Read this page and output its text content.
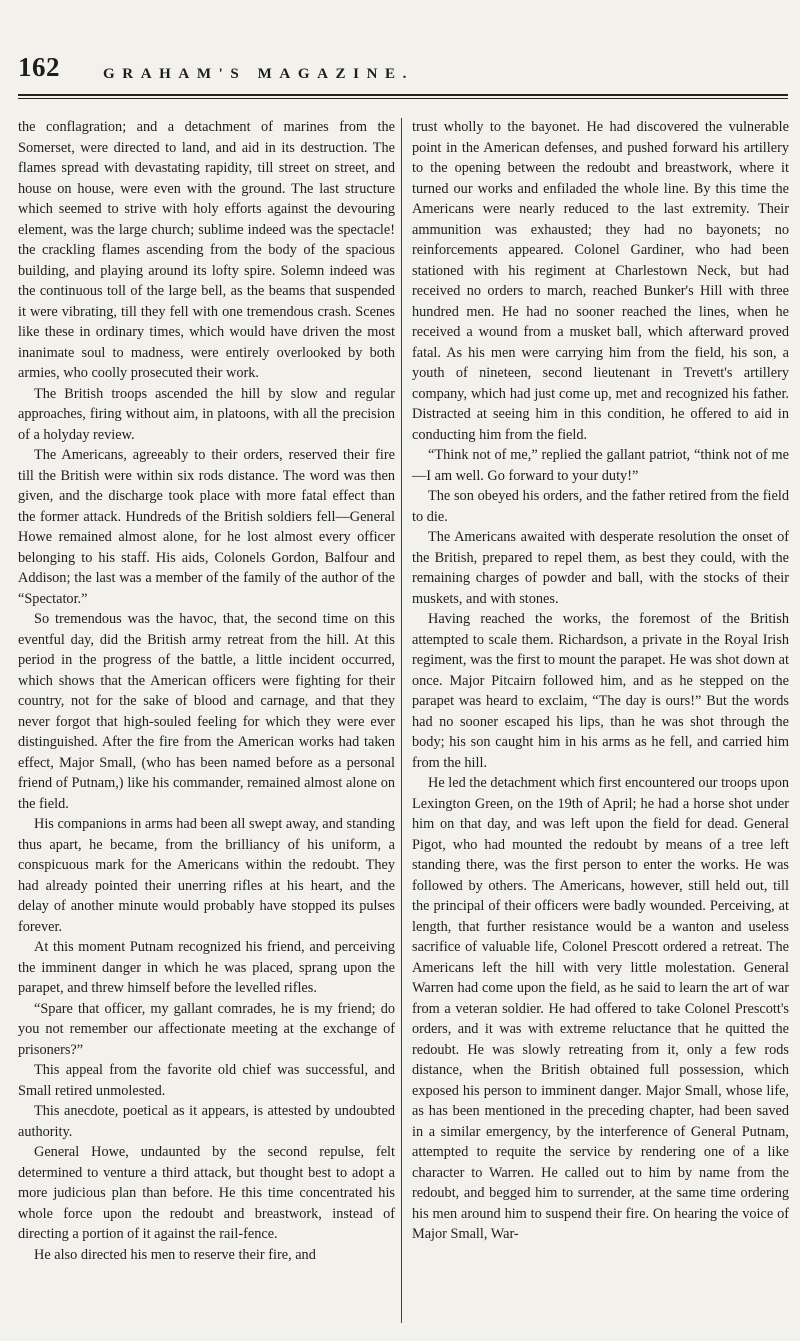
162	GRAHAM'S MAGAZINE.

the conflagration; and a detachment of marines from the Somerset, were directed to land, and aid in its destruction. The flames spread with devastating rapidity, till street on street, and house on house, were even with the ground. The last structure which seemed to strive with holy efforts against the devouring element, was the large church; sublime indeed was the spectacle! the crackling flames ascending from the body of the spacious building, and playing around its lofty spire. Solemn indeed was the continuous toll of the large bell, as the beams that suspended it were vibrating, till they fell with one tremendous crash. Scenes like these in ordinary times, which would have driven the most inanimate soul to madness, were entirely overlooked by both armies, who coolly prosecuted their work.

The British troops ascended the hill by slow and regular approaches, firing without aim, in platoons, with all the precision of a holyday review.

The Americans, agreeably to their orders, reserved their fire till the British were within six rods distance. The word was then given, and the discharge took place with more fatal effect than the former attack. Hundreds of the British soldiers fell—General Howe remained almost alone, for he lost almost every officer belonging to his staff. His aids, Colonels Gordon, Balfour and Addison; the last was a member of the family of the author of the “Spectator.”

So tremendous was the havoc, that, the second time on this eventful day, did the British army retreat from the hill. At this period in the progress of the battle, a little incident occurred, which shows that the American officers were fighting for their country, not for the sake of blood and carnage, and that they never forgot that high-souled feeling for which they were ever distinguished. After the fire from the American works had taken effect, Major Small, (who has been named before as a personal friend of Putnam,) like his commander, remained almost alone on the field.

His companions in arms had been all swept away, and standing thus apart, he became, from the brilliancy of his uniform, a conspicuous mark for the Americans within the redoubt. They had already pointed their unerring rifles at his heart, and the delay of another minute would probably have stopped its pulses forever.

At this moment Putnam recognized his friend, and perceiving the imminent danger in which he was placed, sprang upon the parapet, and threw himself before the levelled rifles.

“Spare that officer, my gallant comrades, he is my friend; do you not remember our affectionate meeting at the exchange of prisoners?”

This appeal from the favorite old chief was successful, and Small retired unmolested.

This anecdote, poetical as it appears, is attested by undoubted authority.

General Howe, undaunted by the second repulse, felt determined to venture a third attack, but thought best to adopt a more judicious plan than before. He this time concentrated his whole force upon the redoubt and breastwork, instead of directing a portion of it against the rail-fence.

He also directed his men to reserve their fire, and

trust wholly to the bayonet. He had discovered the vulnerable point in the American defenses, and pushed forward his artillery to the opening between the redoubt and breastwork, where it turned our works and enfiladed the whole line. By this time the Americans were nearly reduced to the last extremity. Their ammunition was exhausted; they had no bayonets; no reinforcements appeared. Colonel Gardiner, who had been stationed with his regiment at Charlestown Neck, but had received no orders to march, reached Bunker's Hill with three hundred men. He had no sooner reached the lines, when he received a wound from a musket ball, which afterward proved fatal. As his men were carrying him from the field, his son, a youth of nineteen, second lieutenant in Trevett's artillery company, which had just come up, met and recognized his father. Distracted at seeing him in this condition, he offered to aid in conducting him from the field.

“Think not of me,” replied the gallant patriot, “think not of me—I am well. Go forward to your duty!”

The son obeyed his orders, and the father retired from the field to die.

The Americans awaited with desperate resolution the onset of the British, prepared to repel them, as best they could, with the remaining charges of powder and ball, with the stocks of their muskets, and with stones.

Having reached the works, the foremost of the British attempted to scale them. Richardson, a private in the Royal Irish regiment, was the first to mount the parapet. He was shot down at once. Major Pitcairn followed him, and as he stepped on the parapet was heard to exclaim, “The day is ours!” But the words had no sooner escaped his lips, than he was shot through the body; his son caught him in his arms as he fell, and carried him from the hill.

He led the detachment which first encountered our troops upon Lexington Green, on the 19th of April; he had a horse shot under him on that day, and was left upon the field for dead. General Pigot, who had mounted the redoubt by means of a tree left standing there, was the first person to enter the works. He was followed by others. The Americans, however, still held out, till the principal of their officers were badly wounded. Perceiving, at length, that further resistance would be a wanton and useless sacrifice of valuable life, Colonel Prescott ordered a retreat. The Americans left the hill with very little molestation. General Warren had come upon the field, as he said to learn the art of war from a veteran soldier. He had offered to take Colonel Prescott's orders, and it was with extreme reluctance that he quitted the redoubt. He was slowly retreating from it, only a few rods distance, when the British obtained full possession, which exposed his person to imminent danger. Major Small, whose life, as has been mentioned in the preceding chapter, had been saved in a similar emergency, by the interference of General Putnam, attempted to requite the service by rendering one of a like character to Warren. He called out to him by name from the redoubt, and begged him to surrender, at the same time ordering his men around him to suspend their fire. On hearing the voice of Major Small, War-
